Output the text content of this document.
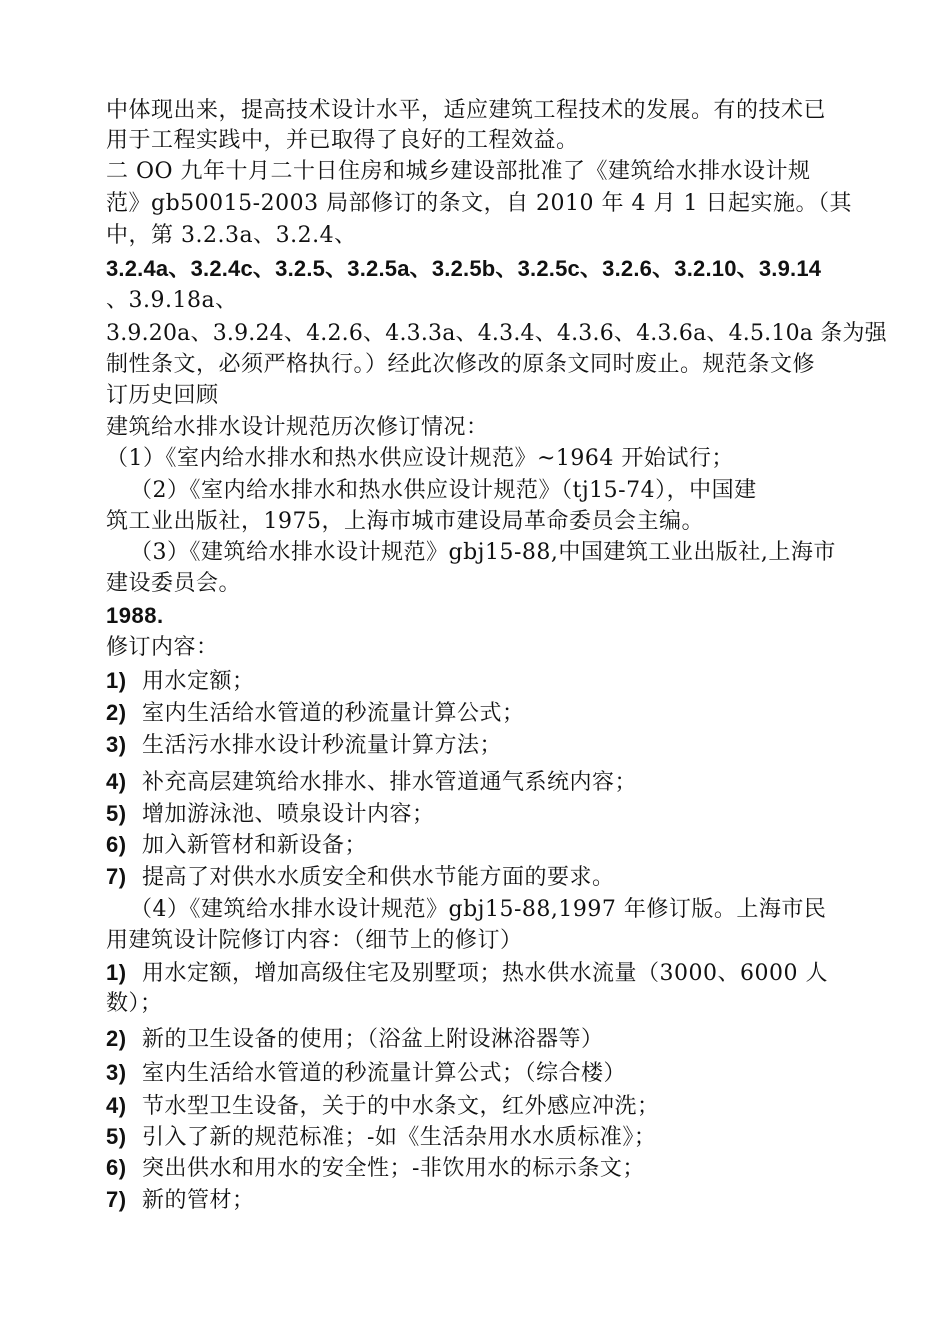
中体现出来，提高技术设计水平，适应建筑工程技术的发展。有的技术已
用于工程实践中，并已取得了良好的工程效益。
二 OO 九年十月二十日住房和城乡建设部批准了《建筑给水排水设计规
范》gb50015-2003 局部修订的条文，自 2010 年 4 月 1 日起实施。（其
中，第 3.2.3a、3.2.4、
3.2.4a、3.2.4c、3.2.5、3.2.5a、3.2.5b、3.2.5c、3.2.6、3.2.10、3.9.14
、3.9.18a、
3.9.20a、3.9.24、4.2.6、4.3.3a、4.3.4、4.3.6、4.3.6a、4.5.10a 条为强
制性条文，必须严格执行。）经此次修改的原条文同时废止。规范条文修
订历史回顾
建筑给水排水设计规范历次修订情况：
（1）《室内给水排水和热水供应设计规范》~1964 开始试行；
（2）《室内给水排水和热水供应设计规范》（tj15-74），中国建
筑工业出版社，1975，上海市城市建设局革命委员会主编。
（3）《建筑给水排水设计规范》gbj15-88,中国建筑工业出版社,上海市
建设委员会。
1988.
修订内容：
1) 用水定额；
2) 室内生活给水管道的秒流量计算公式；
3) 生活污水排水设计秒流量计算方法；
4) 补充高层建筑给水排水、排水管道通气系统内容；
5) 增加游泳池、喷泉设计内容；
6) 加入新管材和新设备；
7) 提高了对供水水质安全和供水节能方面的要求。
（4）《建筑给水排水设计规范》gbj15-88,1997 年修订版。上海市民
用建筑设计院修订内容：（细节上的修订）
1) 用水定额，增加高级住宅及别墅项；热水供水流量（3000、6000 人
数）；
2) 新的卫生设备的使用；（浴盆上附设淋浴器等）
3) 室内生活给水管道的秒流量计算公式；（综合楼）
4) 节水型卫生设备，关于的中水条文，红外感应冲洗；
5) 引入了新的规范标准；-如《生活杂用水水质标准》；
6) 突出供水和用水的安全性；-非饮用水的标示条文；
7) 新的管材；
